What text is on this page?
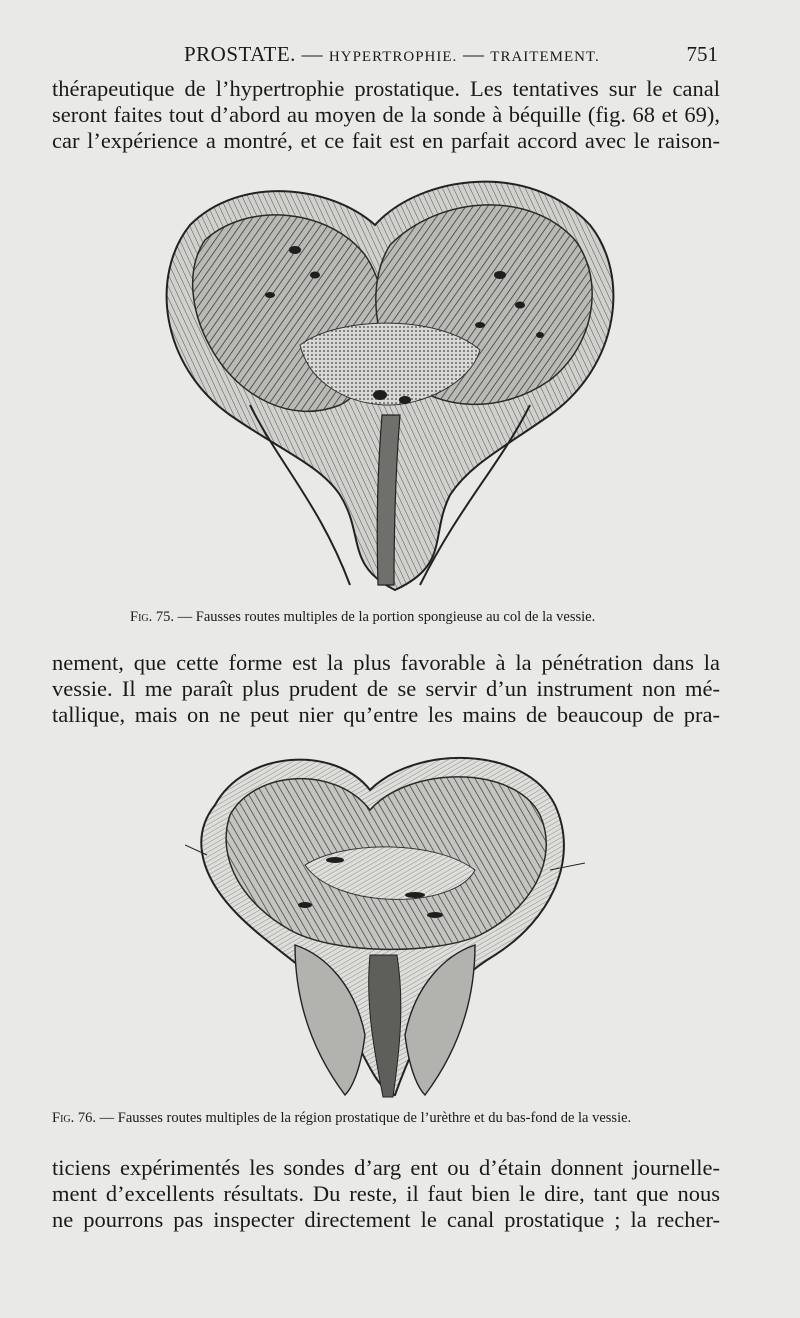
PROSTATE. — HYPERTROPHIE. — TRAITEMENT.	751
thérapeutique de l’hypertrophie prostatique. Les tentatives sur le canal
seront faites tout d’abord au moyen de la sonde à béquille (fig. 68 et 69),
car l’expérience a montré, et ce fait est en parfait accord avec le raison-
Fig. 75. — Fausses routes multiples de la portion spongieuse au col de la vessie.
nement, que cette forme est la plus favorable à la pénétration dans la
vessie. Il me paraît plus prudent de se servir d’un instrument non mé-
tallique, mais on ne peut nier qu’entre les mains de beaucoup de pra-
Fig. 76. — Fausses routes multiples de la région prostatique de l’urèthre et du bas-fond de la vessie.
ticiens expérimentés les sondes d’arg ent ou d’étain donnent journelle-
ment d’excellents résultats. Du reste, il faut bien le dire, tant que nous
ne pourrons pas inspecter directement le canal prostatique ; la recher-
